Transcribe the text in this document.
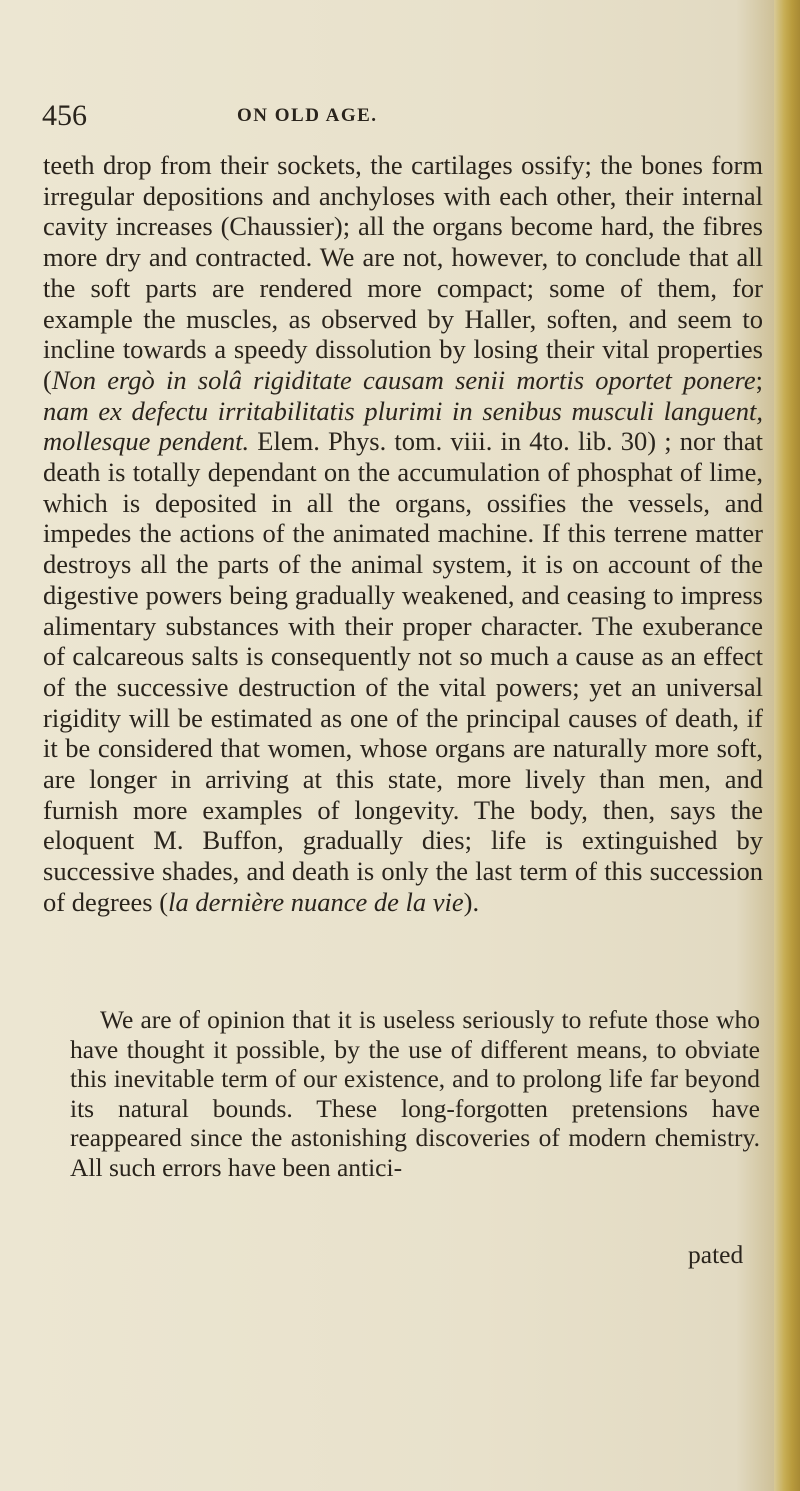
456	ON OLD AGE.

teeth drop from their sockets, the cartilages ossify; the bones form irregular depositions and anchyloses with each other, their internal cavity increases (Chaussier); all the organs become hard, the fibres more dry and contracted. We are not, however, to conclude that all the soft parts are rendered more compact; some of them, for example the muscles, as observed by Haller, soften, and seem to incline towards a speedy dissolution by losing their vital properties (Non ergò in solâ rigiditate causam senii mortis oportet ponere; nam ex defectu irritabilitatis plurimi in senibus musculi languent, mollesque pendent. Elem. Phys. tom. viii. in 4to. lib. 30) ; nor that death is totally dependant on the accumulation of phosphat of lime, which is deposited in all the organs, ossifies the vessels, and impedes the actions of the animated machine. If this terrene matter destroys all the parts of the animal system, it is on account of the digestive powers being gradually weakened, and ceasing to impress alimentary substances with their proper character. The exuberance of calcareous salts is consequently not so much a cause as an effect of the successive destruction of the vital powers; yet an universal rigidity will be estimated as one of the principal causes of death, if it be considered that women, whose organs are naturally more soft, are longer in arriving at this state, more lively than men, and furnish more examples of longevity. The body, then, says the eloquent M. Buffon, gradually dies; life is extinguished by successive shades, and death is only the last term of this succession of degrees (la dernière nuance de la vie).

We are of opinion that it is useless seriously to refute those who have thought it possible, by the use of different means, to obviate this inevitable term of our existence, and to prolong life far beyond its natural bounds. These long-forgotten pretensions have reappeared since the astonishing discoveries of modern chemistry. All such errors have been antici-

pated
